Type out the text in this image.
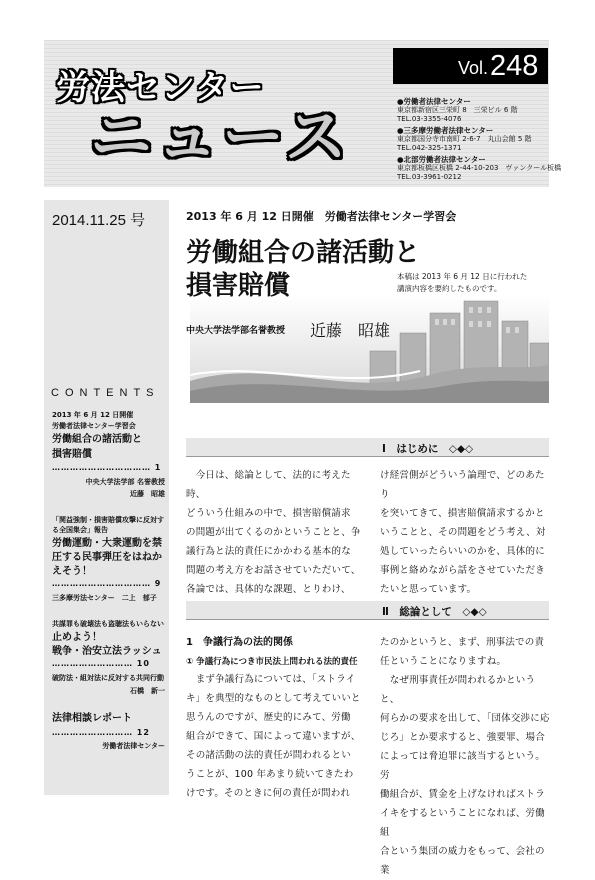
労法センター
ニュース
Vol. 248
●労働者法律センター
東京都新宿区三栄町 8　三栄ビル 6 階
TEL.03-3355-4076
●三多摩労働者法律センター
東京都国分寺市南町 2-6-7　丸山会館 5 階
TEL.042-325-1371
●北部労働者法律センター
東京都板橋区板橋 2-44-10-203　ヴァンクール板橋
TEL.03-3961-0212
2014.11.25 号
CONTENTS
2013 年 6 月 12 日開催
労働者法律センター学習会
労働組合の諸活動と
損害賠償
…………………………… 1
中央大学法学部 名誉教授
近藤　昭雄
「関益強制・損害賠償攻撃に反対する全国集会」報告
労働運動・大衆運動を禁
圧する民事弾圧をはねか
えそう！
…………………………… 9
三多摩労法センター　二上　郁子
共謀罪も破壊法も盗聴法もいらない
止めよう！
戦争・治安立法ラッシュ
……………………… 10
破防法・組対法に反対する共同行動
石橋　新一
法律相談レポート
……………………… 12
労働者法律センター
2013 年 6 月 12 日開催　労働者法律センター学習会
労働組合の諸活動と
損害賠償	本稿は 2013 年 6 月 12 日に行われた
講演内容を要約したものです。
中央大学法学部名誉教授 近藤　昭雄
Ⅰ　はじめに　◇◆◇
　今日は、総論として、法的に考えた時、
どういう仕組みの中で、損害賠償請求
の問題が出てくるのかということと、争
議行為と法的責任にかかわる基本的な
問題の考え方をお話させていただいて、
各論では、具体的な課題、とりわけ、
け経営側がどういう論理で、どのあたり
を突いてきて、損害賠償請求するかと
いうことと、その問題をどう考え、対
処していったらいいのかを、具体的に
事例と絡めながら話をさせていただき
たいと思っています。
Ⅱ　総論として　◇◆◇
1　争議行為の法的関係
① 争議行為につき市民法上問われる法的責任
　まず争議行為については、「ストライ
キ」を典型的なものとして考えていいと
思うんのですが、歴史的にみて、労働
組合ができて、国によって違いますが、
その諸活動の法的責任が問われるとい
うことが、100 年あまり続いてきたわ
けです。そのときに何の責任が問われ
たのかというと、まず、刑事法での責
任ということになりますね。
　なぜ刑事責任が問われるかというと、
何らかの要求を出して、「団体交渉に応
じろ」とか要求すると、強要罪、場合
によっては脅迫罪に該当するという。労
働組合が、賃金を上げなければストラ
イキをするということになれば、労働組
合という集団の威力をもって、会社の業
